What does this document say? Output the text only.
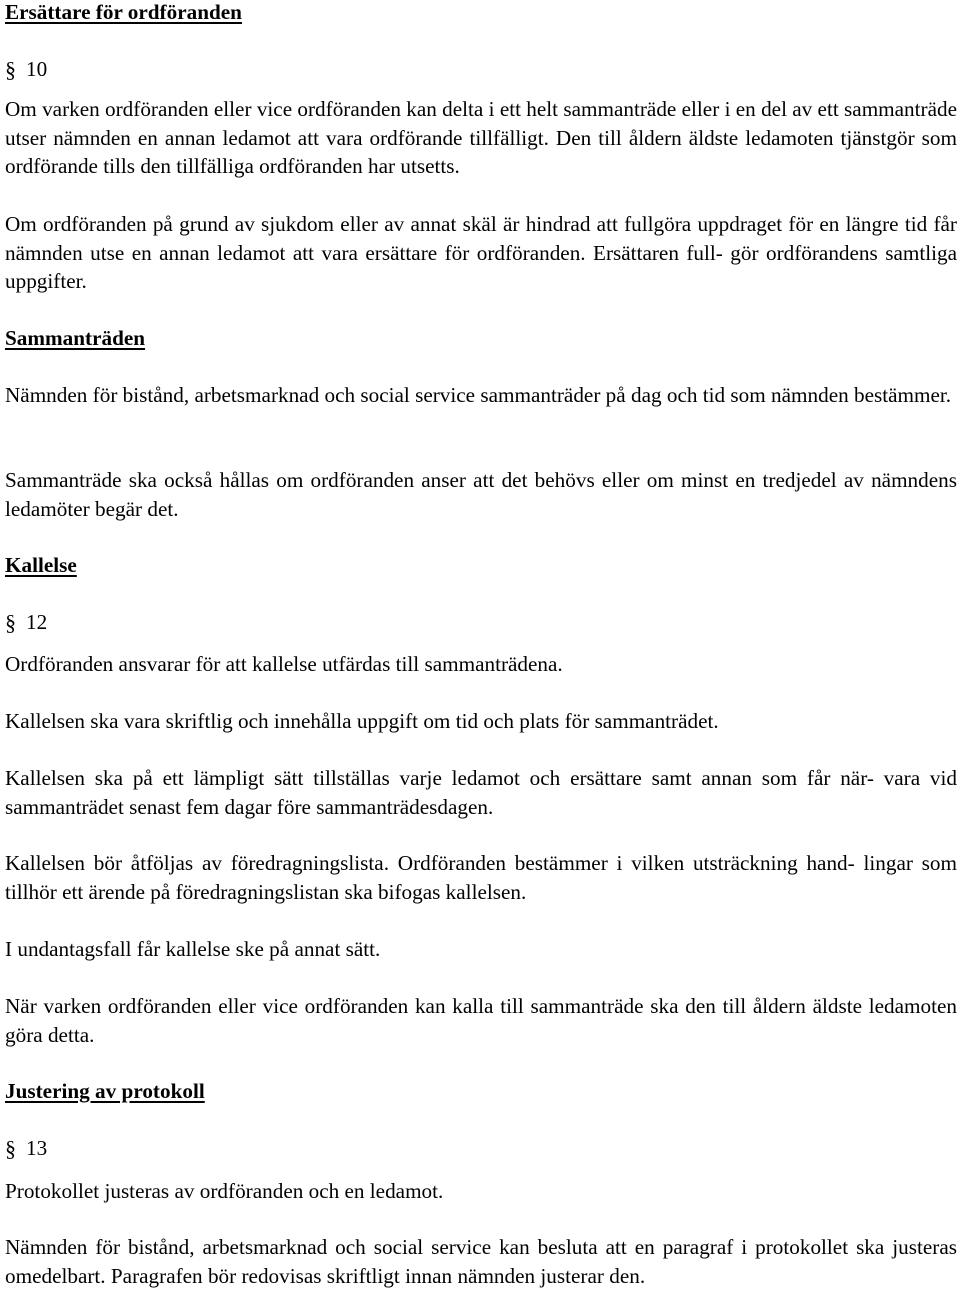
Ersättare för ordföranden

§ 10

Om varken ordföranden eller vice ordföranden kan delta i ett helt sammanträde eller i en del av ett sammanträde utser nämnden en annan ledamot att vara ordförande tillfälligt. Den till åldern äldste ledamoten tjänstgör som ordförande tills den tillfälliga ordföranden har utsetts.

Om ordföranden på grund av sjukdom eller av annat skäl är hindrad att fullgöra uppdraget för en längre tid får nämnden utse en annan ledamot att vara ersättare för ordföranden. Ersättaren full- gör ordförandens samtliga uppgifter.

Sammanträden

Nämnden för bistånd, arbetsmarknad och social service sammanträder på dag och tid som nämnden bestämmer.

Sammanträde ska också hållas om ordföranden anser att det behövs eller om minst en tredjedel av nämndens ledamöter begär det.

Kallelse

§ 12

Ordföranden ansvarar för att kallelse utfärdas till sammanträdena.

Kallelsen ska vara skriftlig och innehålla uppgift om tid och plats för sammanträdet.

Kallelsen ska på ett lämpligt sätt tillställas varje ledamot och ersättare samt annan som får när- vara vid sammanträdet senast fem dagar före sammanträdesdagen.

Kallelsen bör åtföljas av föredragningslista. Ordföranden bestämmer i vilken utsträckning hand- lingar som tillhör ett ärende på föredragningslistan ska bifogas kallelsen.

I undantagsfall får kallelse ske på annat sätt.

När varken ordföranden eller vice ordföranden kan kalla till sammanträde ska den till åldern äldste ledamoten göra detta.

Justering av protokoll

§ 13

Protokollet justeras av ordföranden och en ledamot.

Nämnden för bistånd, arbetsmarknad och social service kan besluta att en paragraf i protokollet ska justeras omedelbart. Paragrafen bör redovisas skriftligt innan nämnden justerar den.
